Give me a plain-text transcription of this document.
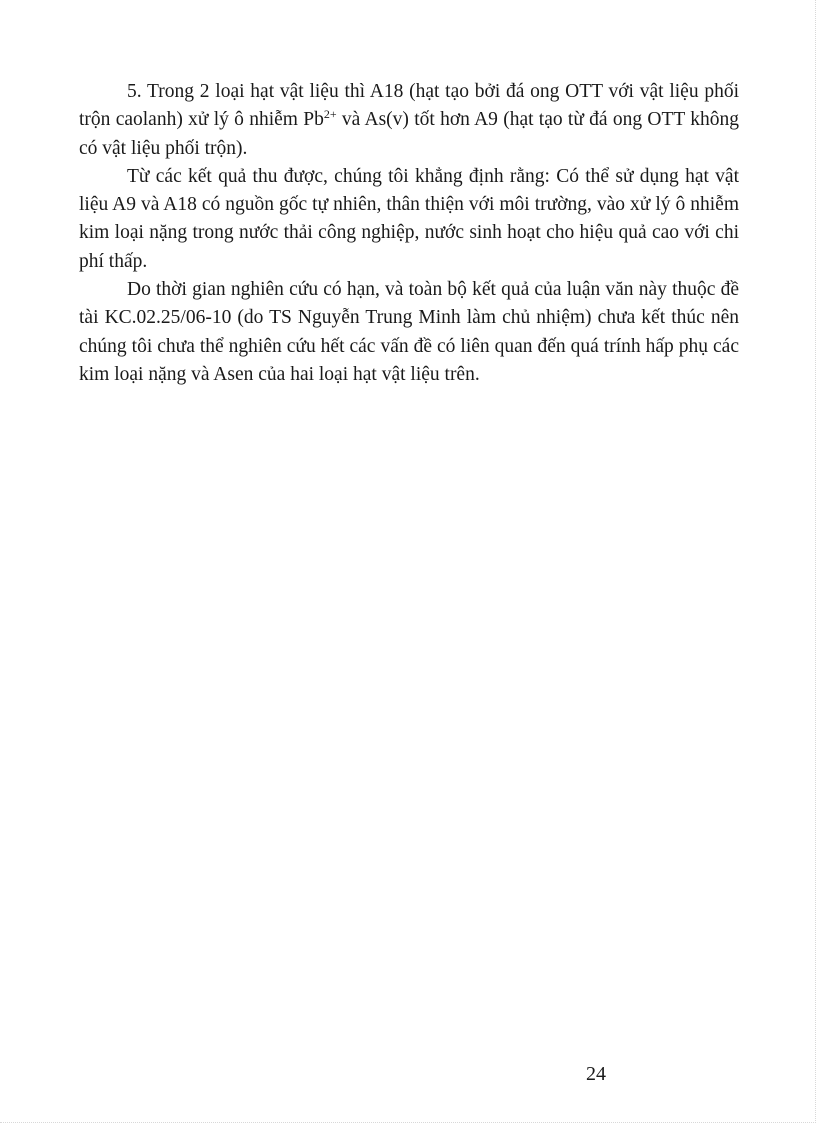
5. Trong 2 loại hạt vật liệu thì A18 (hạt tạo bởi đá ong OTT với vật liệu phối trộn caolanh) xử lý ô nhiễm $Pb^{2+}$ và As(v) tốt hơn A9 (hạt tạo từ đá ong OTT không có vật liệu phối trộn).

Từ các kết quả thu được, chúng tôi khẳng định rằng: Có thể sử dụng hạt vật liệu A9 và A18 có nguồn gốc tự nhiên, thân thiện với môi trường, vào xử lý ô nhiễm kim loại nặng trong nước thải công nghiệp, nước sinh hoạt cho hiệu quả cao với chi phí thấp.

Do thời gian nghiên cứu có hạn, và toàn bộ kết quả của luận văn này thuộc đề tài KC.02.25/06-10 (do TS Nguyễn Trung Minh làm chủ nhiệm) chưa kết thúc nên chúng tôi chưa thể nghiên cứu hết các vấn đề có liên quan đến quá trính hấp phụ các kim loại nặng và Asen của hai loại hạt vật liệu trên.

24
